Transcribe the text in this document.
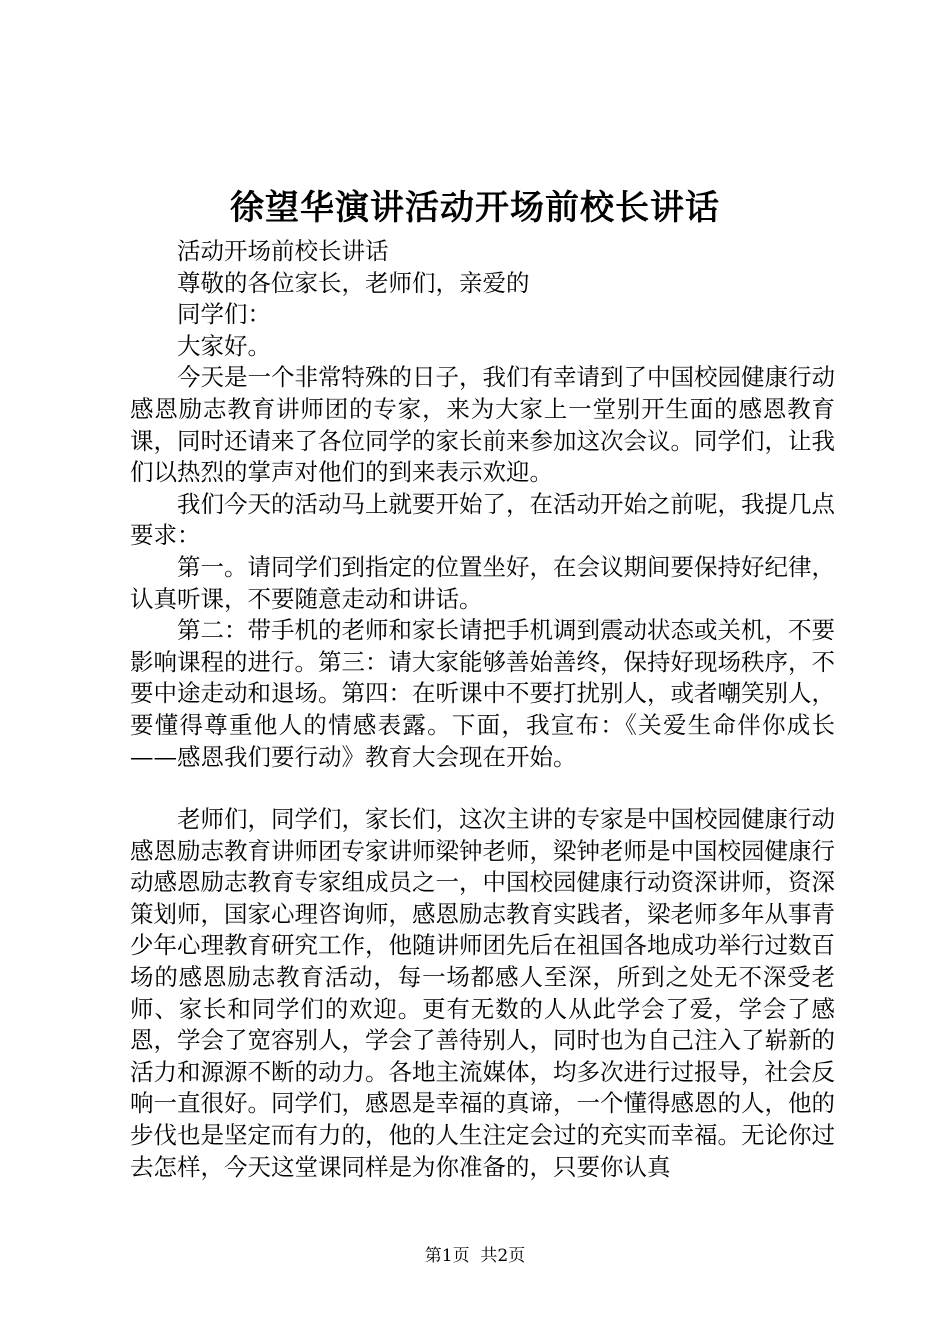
徐望华演讲活动开场前校长讲话

活动开场前校长讲话

尊敬的各位家长，老师们，亲爱的

同学们：

大家好。

今天是一个非常特殊的日子，我们有幸请到了中国校园健康行动感恩励志教育讲师团的专家，来为大家上一堂别开生面的感恩教育课，同时还请来了各位同学的家长前来参加这次会议。同学们，让我们以热烈的掌声对他们的到来表示欢迎。

我们今天的活动马上就要开始了，在活动开始之前呢，我提几点要求：

第一。请同学们到指定的位置坐好，在会议期间要保持好纪律，认真听课，不要随意走动和讲话。

第二：带手机的老师和家长请把手机调到震动状态或关机，不要影响课程的进行。第三：请大家能够善始善终，保持好现场秩序，不要中途走动和退场。第四：在听课中不要打扰别人，或者嘲笑别人，要懂得尊重他人的情感表露。下面，我宣布：《关爱生命伴你成长——感恩我们要行动》教育大会现在开始。

老师们，同学们，家长们，这次主讲的专家是中国校园健康行动感恩励志教育讲师团专家讲师梁钟老师，梁钟老师是中国校园健康行动感恩励志教育专家组成员之一，中国校园健康行动资深讲师，资深策划师，国家心理咨询师，感恩励志教育实践者，梁老师多年从事青少年心理教育研究工作，他随讲师团先后在祖国各地成功举行过数百场的感恩励志教育活动，每一场都感人至深，所到之处无不深受老师、家长和同学们的欢迎。更有无数的人从此学会了爱，学会了感恩，学会了宽容别人，学会了善待别人，同时也为自己注入了崭新的活力和源源不断的动力。各地主流媒体，均多次进行过报导，社会反响一直很好。同学们，感恩是幸福的真谛，一个懂得感恩的人，他的步伐也是坚定而有力的，他的人生注定会过的充实而幸福。无论你过去怎样，今天这堂课同样是为你准备的，只要你认真

第1页 共2页
